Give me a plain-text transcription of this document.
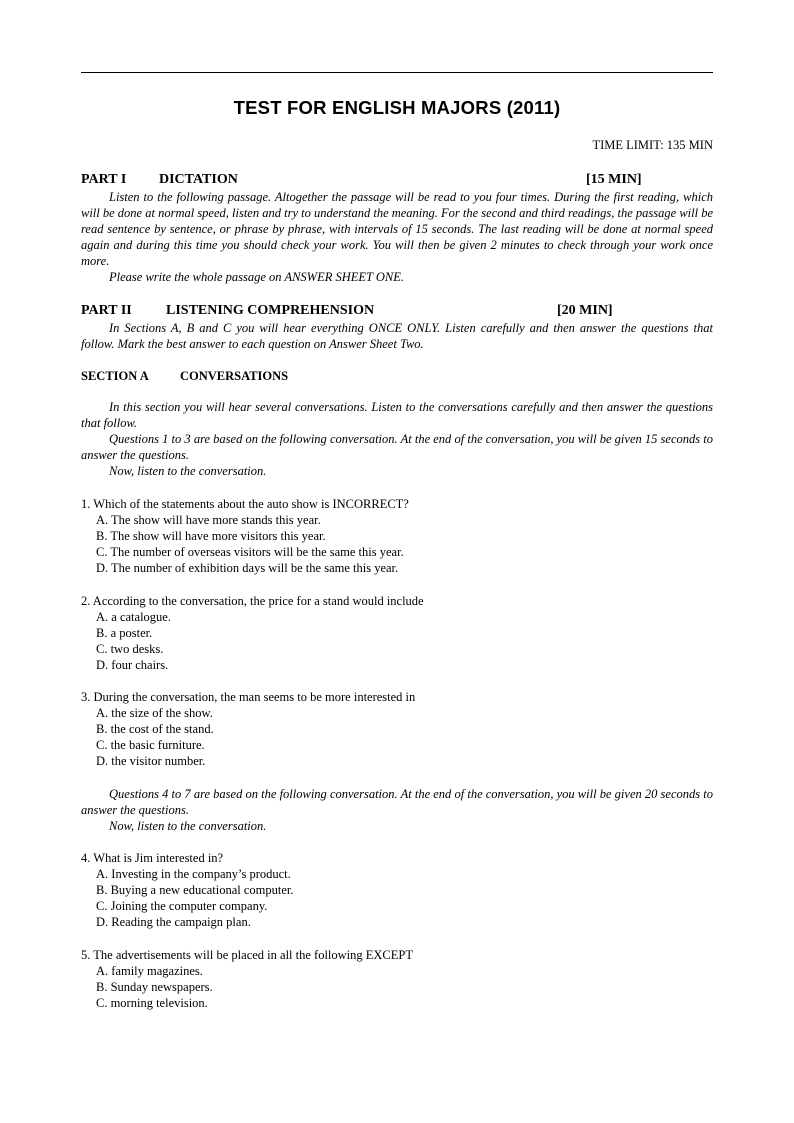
TEST FOR ENGLISH MAJORS (2011)
TIME LIMIT: 135 MIN
PART I DICTATION	[15 MIN]

Listen to the following passage. Altogether the passage will be read to you four times. During the first reading, which will be done at normal speed, listen and try to understand the meaning. For the second and third readings, the passage will be read sentence by sentence, or phrase by phrase, with intervals of 15 seconds. The last reading will be done at normal speed again and during this time you should check your work. You will then be given 2 minutes to check through your work once more.

Please write the whole passage on ANSWER SHEET ONE.

PART II LISTENING COMPREHENSION	[20 MIN]

In Sections A, B and C you will hear everything ONCE ONLY. Listen carefully and then answer the questions that follow. Mark the best answer to each question on Answer Sheet Two.

SECTION A	CONVERSATIONS

In this section you will hear several conversations. Listen to the conversations carefully and then answer the questions that follow.

Questions 1 to 3 are based on the following conversation. At the end of the conversation, you will be given 15 seconds to answer the questions.

Now, listen to the conversation.

1. Which of the statements about the auto show is INCORRECT?

A. The show will have more stands this year.

B. The show will have more visitors this year.

C. The number of overseas visitors will be the same this year.

D. The number of exhibition days will be the same this year.

2. According to the conversation, the price for a stand would include

A. a catalogue.

B. a poster.

C. two desks.

D. four chairs.

3. During the conversation, the man seems to be more interested in

A. the size of the show.

B. the cost of the stand.

C. the basic furniture.

D. the visitor number.

Questions 4 to 7 are based on the following conversation. At the end of the conversation, you will be given 20 seconds to answer the questions.

Now, listen to the conversation.

4. What is Jim interested in?

A. Investing in the company’s product.

B. Buying a new educational computer.

C. Joining the computer company.

D. Reading the campaign plan.

5. The advertisements will be placed in all the following EXCEPT

A. family magazines.

B. Sunday newspapers.

C. morning television.
